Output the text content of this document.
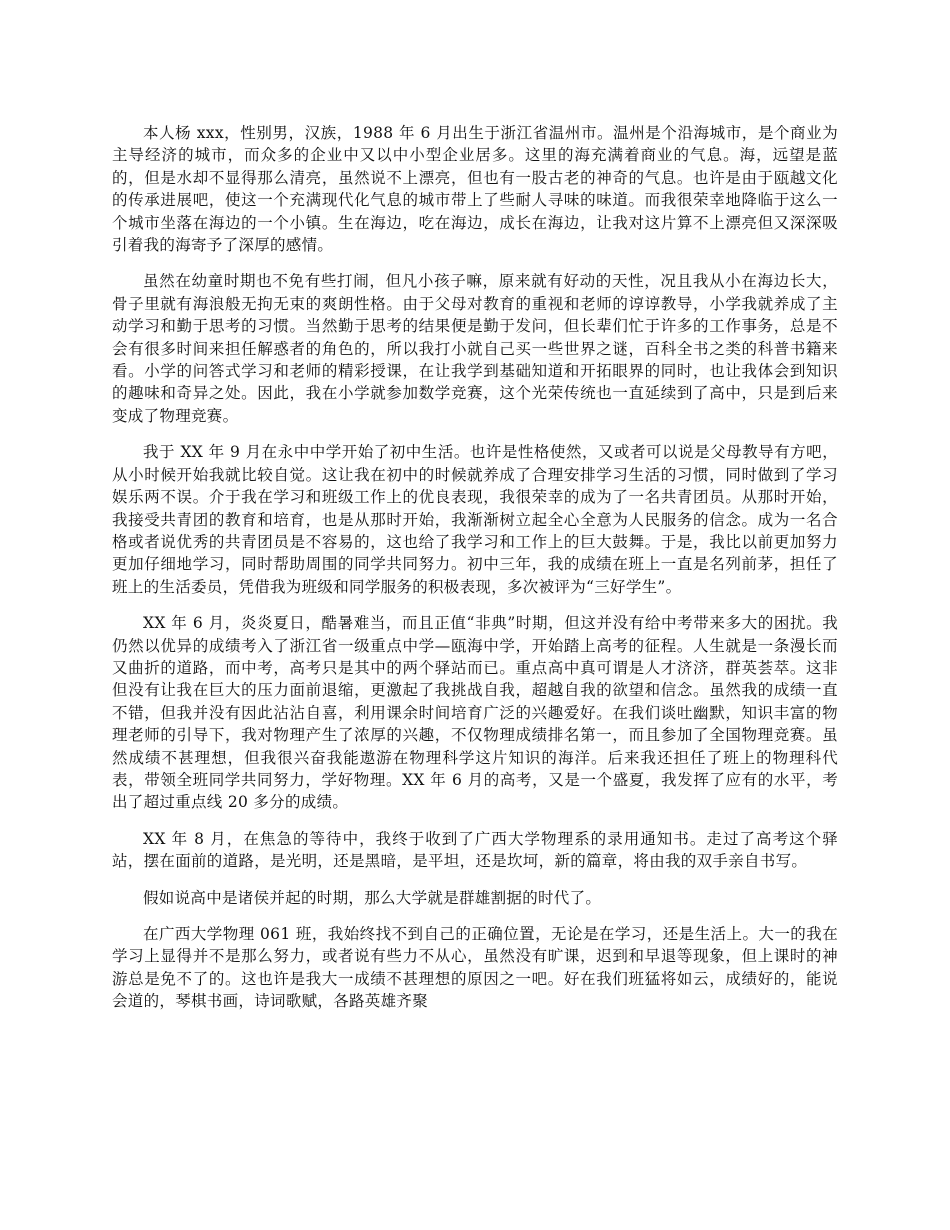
本人杨 xxx，性别男，汉族，1988 年 6 月出生于浙江省温州市。温州是个沿海城市，是个商业为主导经济的城市，而众多的企业中又以中小型企业居多。这里的海充满着商业的气息。海，远望是蓝的，但是水却不显得那么清亮，虽然说不上漂亮，但也有一股古老的神奇的气息。也许是由于瓯越文化的传承进展吧，使这一个充满现代化气息的城市带上了些耐人寻味的味道。而我很荣幸地降临于这么一个城市坐落在海边的一个小镇。生在海边，吃在海边，成长在海边，让我对这片算不上漂亮但又深深吸引着我的海寄予了深厚的感情。

虽然在幼童时期也不免有些打闹，但凡小孩子嘛，原来就有好动的天性，况且我从小在海边长大，骨子里就有海浪般无拘无束的爽朗性格。由于父母对教育的重视和老师的谆谆教导，小学我就养成了主动学习和勤于思考的习惯。当然勤于思考的结果便是勤于发问，但长辈们忙于许多的工作事务，总是不会有很多时间来担任解惑者的角色的，所以我打小就自己买一些世界之谜，百科全书之类的科普书籍来看。小学的问答式学习和老师的精彩授课，在让我学到基础知道和开拓眼界的同时，也让我体会到知识的趣味和奇异之处。因此，我在小学就参加数学竞赛，这个光荣传统也一直延续到了高中，只是到后来变成了物理竞赛。

我于 XX 年 9 月在永中中学开始了初中生活。也许是性格使然，又或者可以说是父母教导有方吧，从小时候开始我就比较自觉。这让我在初中的时候就养成了合理安排学习生活的习惯，同时做到了学习娱乐两不误。介于我在学习和班级工作上的优良表现，我很荣幸的成为了一名共青团员。从那时开始，我接受共青团的教育和培育，也是从那时开始，我渐渐树立起全心全意为人民服务的信念。成为一名合格或者说优秀的共青团员是不容易的，这也给了我学习和工作上的巨大鼓舞。于是，我比以前更加努力更加仔细地学习，同时帮助周围的同学共同努力。初中三年，我的成绩在班上一直是名列前茅，担任了班上的生活委员，凭借我为班级和同学服务的积极表现，多次被评为“三好学生”。

XX 年 6 月，炎炎夏日，酷暑难当，而且正值“非典”时期，但这并没有给中考带来多大的困扰。我仍然以优异的成绩考入了浙江省一级重点中学—瓯海中学，开始踏上高考的征程。人生就是一条漫长而又曲折的道路，而中考，高考只是其中的两个驿站而已。重点高中真可谓是人才济济，群英荟萃。这非但没有让我在巨大的压力面前退缩，更激起了我挑战自我，超越自我的欲望和信念。虽然我的成绩一直不错，但我并没有因此沾沾自喜，利用课余时间培育广泛的兴趣爱好。在我们谈吐幽默，知识丰富的物理老师的引导下，我对物理产生了浓厚的兴趣，不仅物理成绩排名第一，而且参加了全国物理竞赛。虽然成绩不甚理想，但我很兴奋我能遨游在物理科学这片知识的海洋。后来我还担任了班上的物理科代表，带领全班同学共同努力，学好物理。XX 年 6 月的高考，又是一个盛夏，我发挥了应有的水平，考出了超过重点线 20 多分的成绩。

XX 年 8 月，在焦急的等待中，我终于收到了广西大学物理系的录用通知书。走过了高考这个驿站，摆在面前的道路，是光明，还是黑暗，是平坦，还是坎坷，新的篇章，将由我的双手亲自书写。

假如说高中是诸侯并起的时期，那么大学就是群雄割据的时代了。

在广西大学物理 061 班，我始终找不到自己的正确位置，无论是在学习，还是生活上。大一的我在学习上显得并不是那么努力，或者说有些力不从心，虽然没有旷课，迟到和早退等现象，但上课时的神游总是免不了的。这也许是我大一成绩不甚理想的原因之一吧。好在我们班猛将如云，成绩好的，能说会道的，琴棋书画，诗词歌赋，各路英雄齐聚
